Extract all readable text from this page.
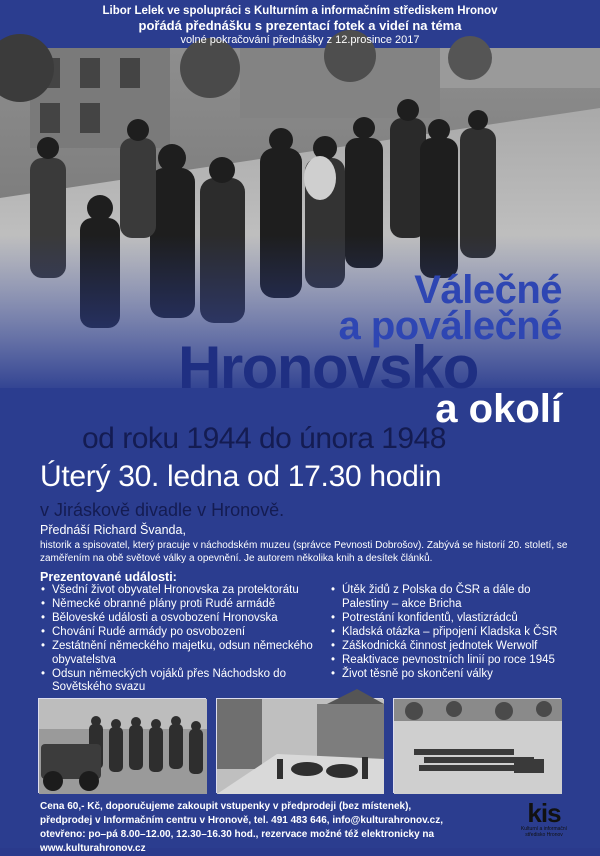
Libor Lelek ve spolupráci s Kulturním a informačním střediskem Hronov
pořádá přednášku s prezentací fotek a videí na téma
volné pokračování přednášky z 12.prosince 2017
Válečné
a poválečné
Hronovsko
a okolí
od roku 1944 do února 1948
Úterý 30. ledna od 17.30 hodin
v Jiráskově divadle v Hronově.
Přednáší Richard Švanda,
historik a spisovatel, který pracuje v náchodském muzeu (správce Pevnosti Dobrošov). Zabývá se historií 20. století, se zaměřením na obě světové války a opevnění. Je autorem několika knih a desítek článků.
Prezentované události:
• Všední život obyvatel Hronovska za protektorátu
• Německé obranné plány proti Rudé armádě
• Běloveské události a osvobození Hronovska
• Chování Rudé armády po osvobození
• Zestátnění německého majetku, odsun německého obyvatelstva
• Odsun německých vojáků přes Náchodsko do Sovětského svazu
• Útěk židů z Polska do ČSR a dále do Palestiny – akce Bricha
• Potrestání konfidentů, vlastizrádců
• Kladská otázka – připojení Kladska k ČSR
• Záškodnická činnost jednotek Werwolf
• Reaktivace pevnostních linií po roce 1945
• Život těsně po skončení války
Cena 60,- Kč, doporučujeme zakoupit vstupenky v předprodeji (bez místenek),
předprodej v Informačním centru v Hronově, tel. 491 483 646, info@kulturahronov.cz,
otevřeno: po–pá 8.00–12.00, 12.30–16.30 hod., rezervace možné též elektronicky na www.kulturahronov.cz
kis
Kulturní a informační středisko Hronov
